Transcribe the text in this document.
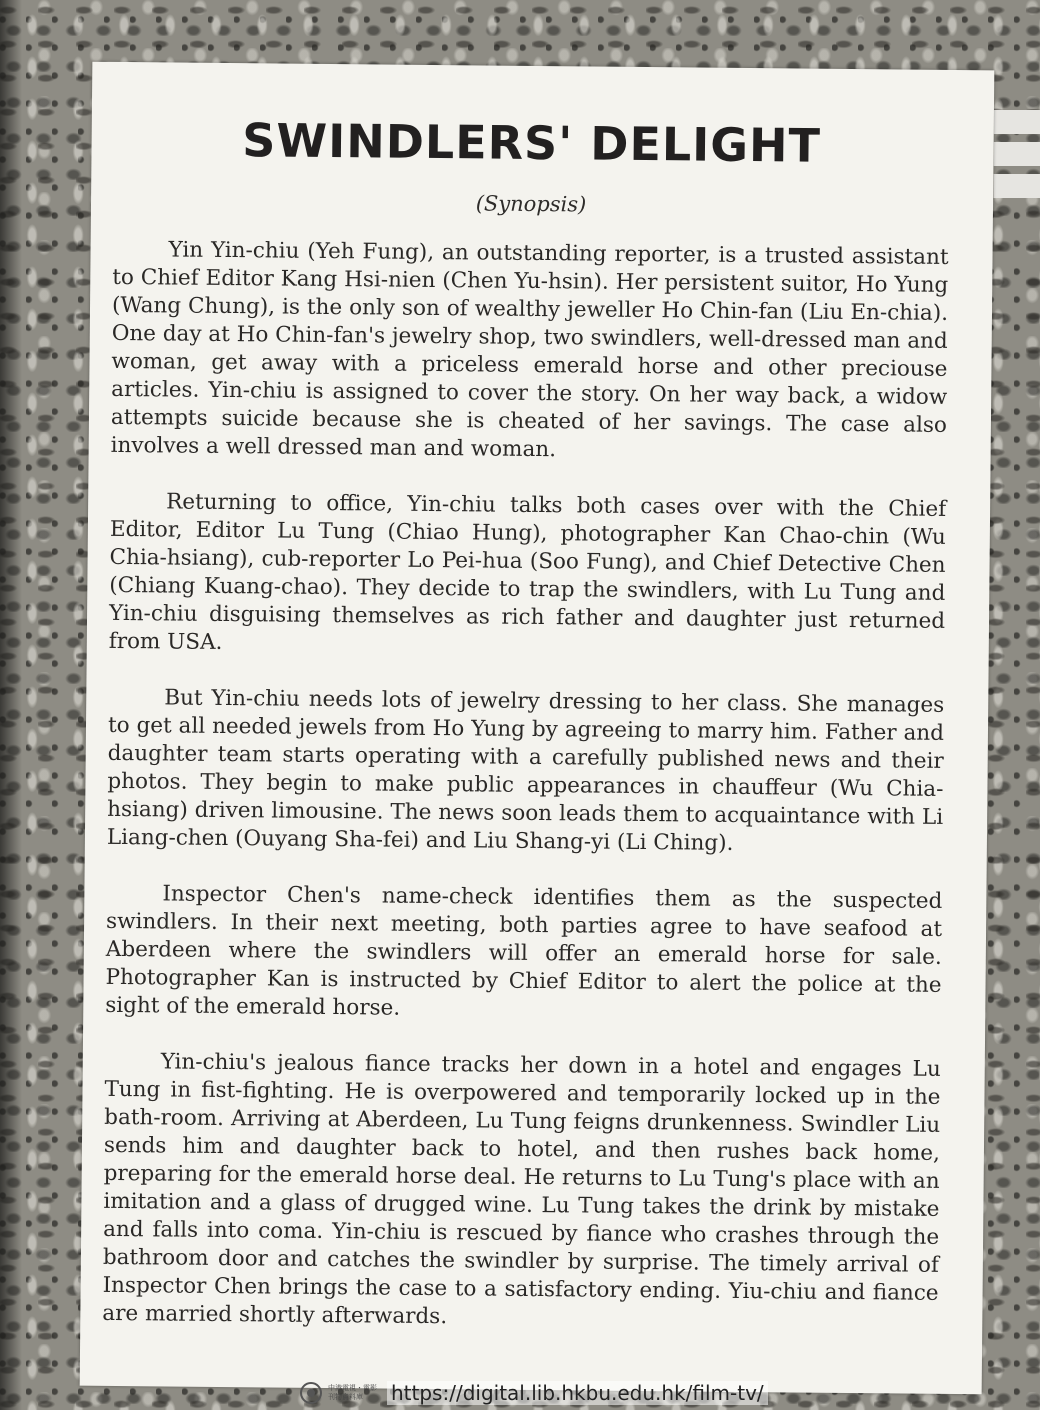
SWINDLERS' DELIGHT
(Synopsis)

Yin Yin-chiu (Yeh Fung), an outstanding reporter, is a trusted assistant to Chief Editor Kang Hsi-nien (Chen Yu-hsin). Her persistent suitor, Ho Yung (Wang Chung), is the only son of wealthy jeweller Ho Chin-fan (Liu En-chia). One day at Ho Chin-fan's jewelry shop, two swindlers, well-dressed man and woman, get away with a priceless emerald horse and other preciouse articles. Yin-chiu is assigned to cover the story. On her way back, a widow attempts suicide because she is cheated of her savings. The case also involves a well dressed man and woman.

Returning to office, Yin-chiu talks both cases over with the Chief Editor, Editor Lu Tung (Chiao Hung), photographer Kan Chao-chin (Wu Chia-hsiang), cub-reporter Lo Pei-hua (Soo Fung), and Chief Detective Chen (Chiang Kuang-chao). They decide to trap the swindlers, with Lu Tung and Yin-chiu disguising themselves as rich father and daughter just returned from USA.

But Yin-chiu needs lots of jewelry dressing to her class. She manages to get all needed jewels from Ho Yung by agreeing to marry him. Father and daughter team starts operating with a carefully published news and their photos. They begin to make public appearances in chauffeur (Wu Chia-hsiang) driven limousine. The news soon leads them to acquaintance with Li Liang-chen (Ouyang Sha-fei) and Liu Shang-yi (Li Ching).

Inspector Chen's name-check identifies them as the suspected swindlers. In their next meeting, both parties agree to have seafood at Aberdeen where the swindlers will offer an emerald horse for sale. Photographer Kan is instructed by Chief Editor to alert the police at the sight of the emerald horse.

Yin-chiu's jealous fiance tracks her down in a hotel and engages Lu Tung in fist-fighting. He is overpowered and temporarily locked up in the bath-room. Arriving at Aberdeen, Lu Tung feigns drunkenness. Swindler Liu sends him and daughter back to hotel, and then rushes back home, preparing for the emerald horse deal. He returns to Lu Tung's place with an imitation and a glass of drugged wine. Lu Tung takes the drink by mistake and falls into coma. Yin-chiu is rescued by fiance who crashes through the bathroom door and catches the swindler by surprise. The timely arrival of Inspector Chen brings the case to a satisfactory ending. Yiu-chiu and fiance are married shortly afterwards.

中港電視・電影
刊物資料庫	https://digital.lib.hkbu.edu.hk/film-tv/
